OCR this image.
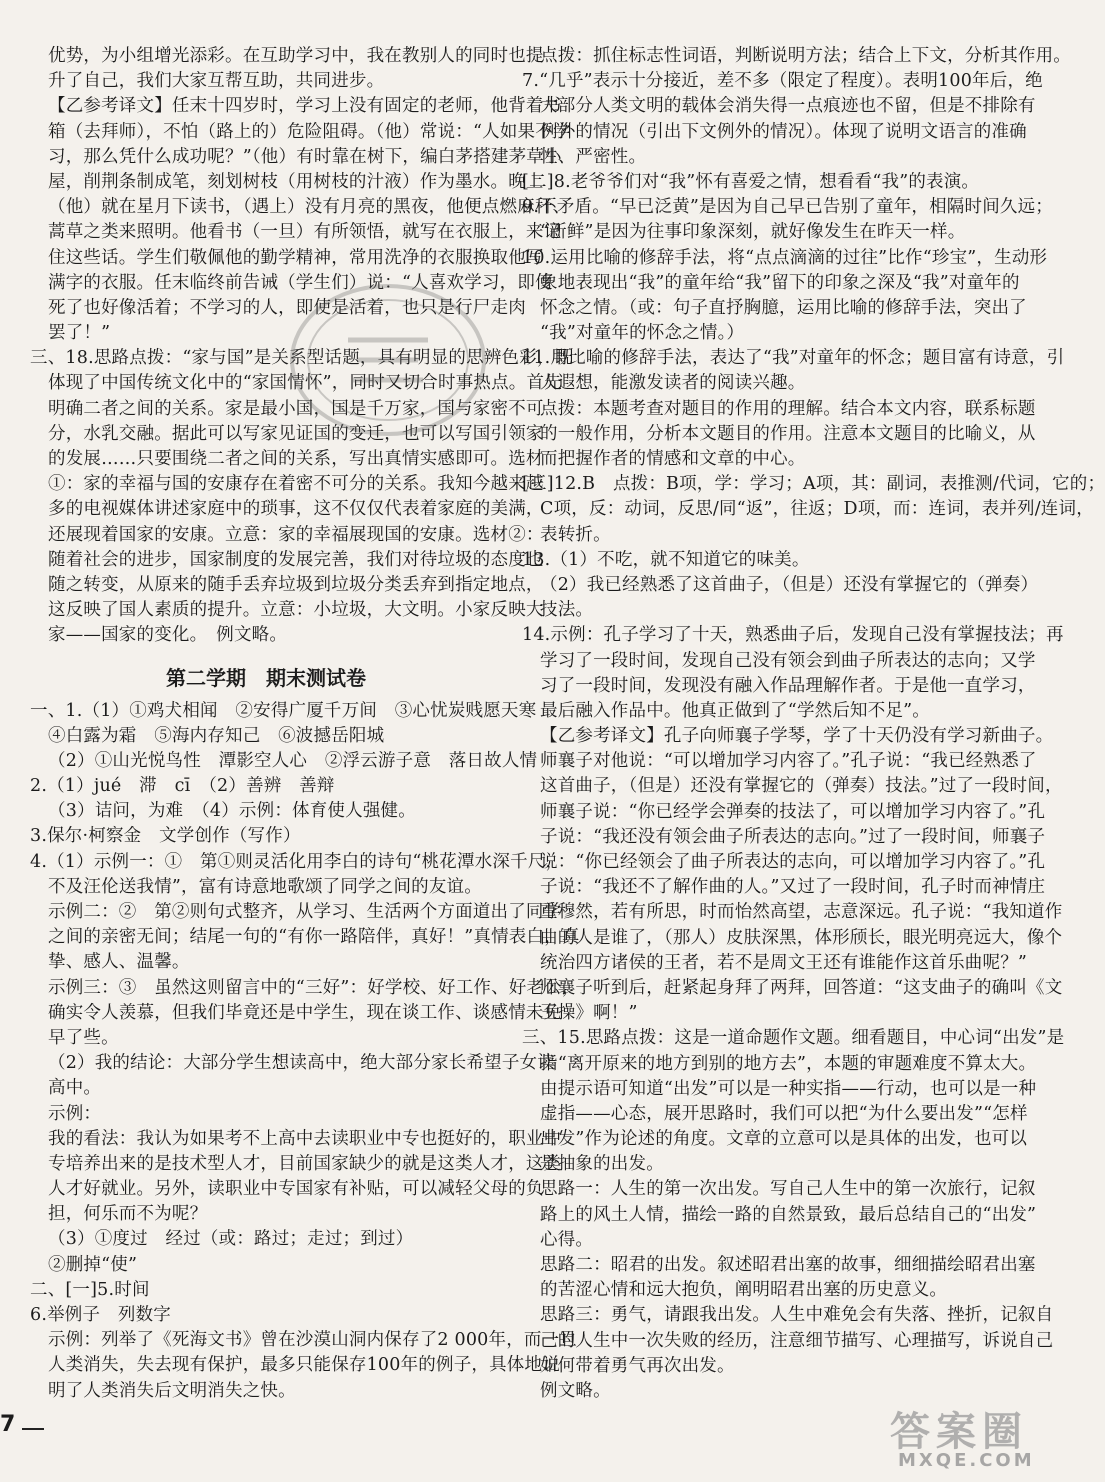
优势，为小组增光添彩。在互助学习中，我在教别人的同时也提
升了自己，我们大家互帮互助，共同进步。
【乙参考译文】任末十四岁时，学习上没有固定的老师，他背着书
箱（去拜师），不怕（路上的）危险阻碍。（他）常说：“人如果不学
习，那么凭什么成功呢？”（他）有时靠在树下，编白茅搭建茅草小
屋，削荆条制成笔，刻划树枝（用树枝的汁液）作为墨水。晚上
（他）就在星月下读书，（遇上）没有月亮的黑夜，他便点燃麻秆、
蒿草之类来照明。他看书（一旦）有所领悟，就写在衣服上，来记
住这些话。学生们敬佩他的勤学精神，常用洗净的衣服换取他写
满字的衣服。任末临终前告诫（学生们）说：“人喜欢学习，即使
死了也好像活着；不学习的人，即使是活着，也只是行尸走肉
罢了！”
三、18.思路点拨：“家与国”是关系型话题，具有明显的思辨色彩，既
体现了中国传统文化中的“家国情怀”，同时又切合时事热点。首先
明确二者之间的关系。家是最小国，国是千万家，国与家密不可
分，水乳交融。据此可以写家见证国的变迁，也可以写国引领家
的发展……只要围绕二者之间的关系，写出真情实感即可。选材
①：家的幸福与国的安康存在着密不可分的关系。我知今越来越
多的电视媒体讲述家庭中的琐事，这不仅仅代表着家庭的美满，
还展现着国家的安康。立意：家的幸福展现国的安康。选材②：
随着社会的进步，国家制度的发展完善，我们对待垃圾的态度也
随之转变，从原来的随手丢弃垃圾到垃圾分类丢弃到指定地点，
这反映了国人素质的提升。立意：小垃圾，大文明。小家反映大
家——国家的变化。　例文略。
第二学期　期末测试卷
一、1.（1）①鸡犬相闻　②安得广厦千万间　③心忧炭贱愿天寒
④白露为霜　⑤海内存知己　⑥波撼岳阳城
（2）①山光悦鸟性　潭影空人心　②浮云游子意　落日故人情
2.（1）jué　滞　cī　（2）善辨　善辩
（3）诘问，为难　（4）示例：体育使人强健。
3.保尔·柯察金　文学创作（写作）
4.（1）示例一：①　第①则灵活化用李白的诗句“桃花潭水深千尺，
不及汪伦送我情”，富有诗意地歌颂了同学之间的友谊。
示例二：②　第②则句式整齐，从学习、生活两个方面道出了同学
之间的亲密无间；结尾一句的“有你一路陪伴，真好！”真情表白，真
挚、感人、温馨。
示例三：③　虽然这则留言中的“三好”：好学校、好工作、好老公，
确实令人羡慕，但我们毕竟还是中学生，现在谈工作、谈感情未免
早了些。
（2）我的结论：大部分学生想读高中，绝大部分家长希望子女读
高中。
示例：
我的看法：我认为如果考不上高中去读职业中专也挺好的，职业中
专培养出来的是技术型人才，目前国家缺少的就是这类人才，这类
人才好就业。另外，读职业中专国家有补贴，可以减轻父母的负
担，何乐而不为呢？
（3）①度过　经过（或：路过；走过；到过）
②删掉“使”
二、[一]5.时间
6.举例子　列数字
示例：列举了《死海文书》曾在沙漠山洞内保存了2 000年，而一旦
人类消失，失去现有保护，最多只能保存100年的例子，具体地说
明了人类消失后文明消失之快。
点拨：抓住标志性词语，判断说明方法；结合上下文，分析其作用。
7.“几乎”表示十分接近，差不多（限定了程度）。表明100年后，绝
大部分人类文明的载体会消失得一点痕迹也不留，但是不排除有
例外的情况（引出下文例外的情况）。体现了说明文语言的准确
性、严密性。
[二]8.老爷爷们对“我”怀有喜爱之情，想看看“我”的表演。
9.不矛盾。“早已泛黄”是因为自己早已告别了童年，相隔时间久远；
“新鲜”是因为往事印象深刻，就好像发生在昨天一样。
10.运用比喻的修辞手法，将“点点滴滴的过往”比作“珍宝”，生动形
象地表现出“我”的童年给“我”留下的印象之深及“我”对童年的
怀念之情。（或：句子直抒胸臆，运用比喻的修辞手法，突出了
“我”对童年的怀念之情。）
11.用比喻的修辞手法，表达了“我”对童年的怀念；题目富有诗意，引
人遐想，能激发读者的阅读兴趣。
点拨：本题考查对题目的作用的理解。结合本文内容，联系标题
的一般作用，分析本文题目的作用。注意本文题目的比喻义，从
而把握作者的情感和文章的中心。
[三]12.B　点拨：B项，学：学习；A项，其：副词，表推测/代词，它的；
C项，反：动词，反思/同“返”，往返；D项，而：连词，表并列/连词，
表转折。
13.（1）不吃，就不知道它的味美。
（2）我已经熟悉了这首曲子，（但是）还没有掌握它的（弹奏）
技法。
14.示例：孔子学习了十天，熟悉曲子后，发现自己没有掌握技法；再
学习了一段时间，发现自己没有领会到曲子所表达的志向；又学
习了一段时间，发现没有融入作品理解作者。于是他一直学习，
最后融入作品中。他真正做到了“学然后知不足”。
【乙参考译文】孔子向师襄子学琴，学了十天仍没有学习新曲子。
师襄子对他说：“可以增加学习内容了。”孔子说：“我已经熟悉了
这首曲子，（但是）还没有掌握它的（弹奏）技法。”过了一段时间，
师襄子说：“你已经学会弹奏的技法了，可以增加学习内容了。”孔
子说：“我还没有领会曲子所表达的志向。”过了一段时间，师襄子
说：“你已经领会了曲子所表达的志向，可以增加学习内容了。”孔
子说：“我还不了解作曲的人。”又过了一段时间，孔子时而神情庄
重穆然，若有所思，时而怡然高望，志意深远。孔子说：“我知道作
曲的人是谁了，（那人）皮肤深黑，体形颀长，眼光明亮远大，像个
统治四方诸侯的王者，若不是周文王还有谁能作这首乐曲呢？”
师襄子听到后，赶紧起身拜了两拜，回答道：“这支曲子的确叫《文
王操》啊！”
三、15.思路点拨：这是一道命题作文题。细看题目，中心词“出发”是
指“离开原来的地方到别的地方去”，本题的审题难度不算太大。
由提示语可知道“出发”可以是一种实指——行动，也可以是一种
虚指——心态，展开思路时，我们可以把“为什么要出发”“怎样
出发”作为论述的角度。文章的立意可以是具体的出发，也可以
是抽象的出发。
思路一：人生的第一次出发。写自己人生中的第一次旅行，记叙
路上的风土人情，描绘一路的自然景致，最后总结自己的“出发”
心得。
思路二：昭君的出发。叙述昭君出塞的故事，细细描绘昭君出塞
的苦涩心情和远大抱负，阐明昭君出塞的历史意义。
思路三：勇气，请跟我出发。人生中难免会有失落、挫折，记叙自
己的人生中一次失败的经历，注意细节描写、心理描写，诉说自己
如何带着勇气再次出发。
例文略。
7	答案圈
MXQE.COM
